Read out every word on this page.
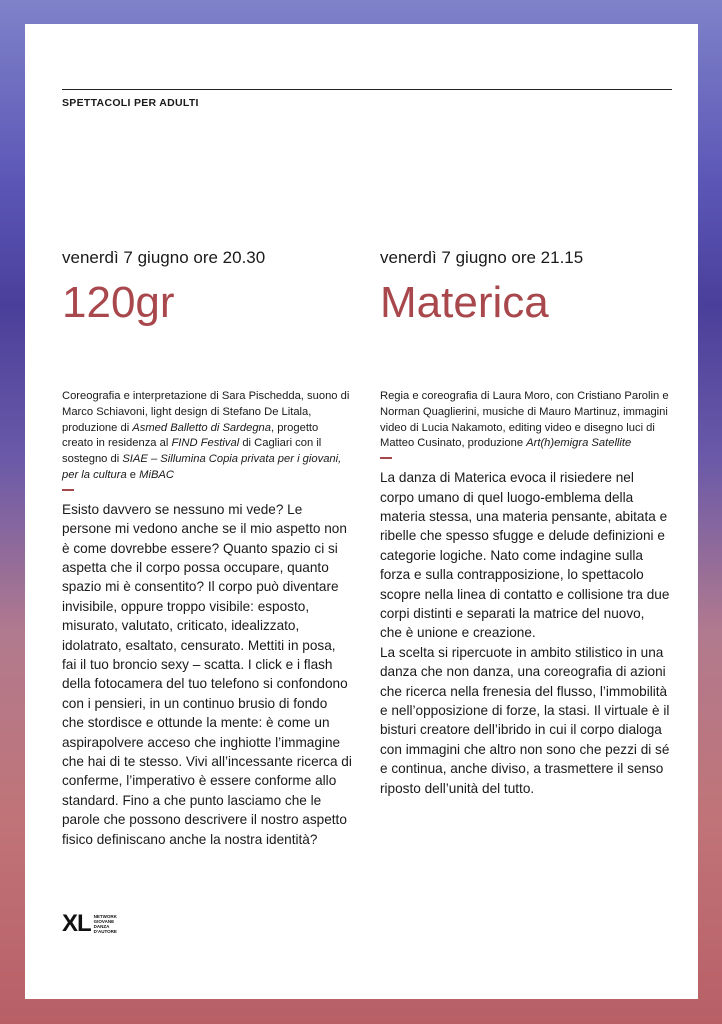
SPETTACOLI PER ADULTI

venerdì 7 giugno ore 20.30

120gr

Coreografia e interpretazione di Sara Pischedda, suono di Marco Schiavoni, light design di Stefano De Litala, produzione di Asmed Balletto di Sardegna, progetto creato in residenza al FIND Festival di Cagliari con il sostegno di SIAE – Sillumina Copia privata per i giovani, per la cultura e MiBAC

Esisto davvero se nessuno mi vede? Le persone mi vedono anche se il mio aspetto non è come dovrebbe essere? Quanto spazio ci si aspetta che il corpo possa occupare, quanto spazio mi è consentito? Il corpo può diventare invisibile, oppure troppo visibile: esposto, misurato, valutato, criticato, idealizzato, idolatrato, esaltato, censurato. Mettiti in posa, fai il tuo broncio sexy – scatta. I click e i flash della fotocamera del tuo telefono si confondono con i pensieri, in un continuo brusio di fondo che stordisce e ottunde la mente: è come un aspirapolvere acceso che inghiotte l’immagine che hai di te stesso. Vivi all’incessante ricerca di conferme, l’imperativo è essere conforme allo standard. Fino a che punto lasciamo che le parole che possono descrivere il nostro aspetto fisico definiscano anche la nostra identità?

venerdì 7 giugno ore 21.15

Materica

Regia e coreografia di Laura Moro, con Cristiano Parolin e Norman Quaglierini, musiche di Mauro Martinuz, immagini video di Lucia Nakamoto, editing video e disegno luci di Matteo Cusinato, produzione Art(h)emigra Satellite

La danza di Materica evoca il risiedere nel corpo umano di quel luogo-emblema della materia stessa, una materia pensante, abitata e ribelle che spesso sfugge e delude definizioni e categorie logiche. Nato come indagine sulla forza e sulla contrapposizione, lo spettacolo scopre nella linea di contatto e collisione tra due corpi distinti e separati la matrice del nuovo, che è unione e creazione.
La scelta si ripercuote in ambito stilistico in una danza che non danza, una coreografia di azioni che ricerca nella frenesia del flusso, l’immobilità e nell’opposizione di forze, la stasi. Il virtuale è il bisturi creatore dell’ibrido in cui il corpo dialoga con immagini che altro non sono che pezzi di sé e continua, anche diviso, a trasmettere il senso riposto dell’unità del tutto.

XL NETWORK
GIOVANE
DANZA
D'AUTORE
